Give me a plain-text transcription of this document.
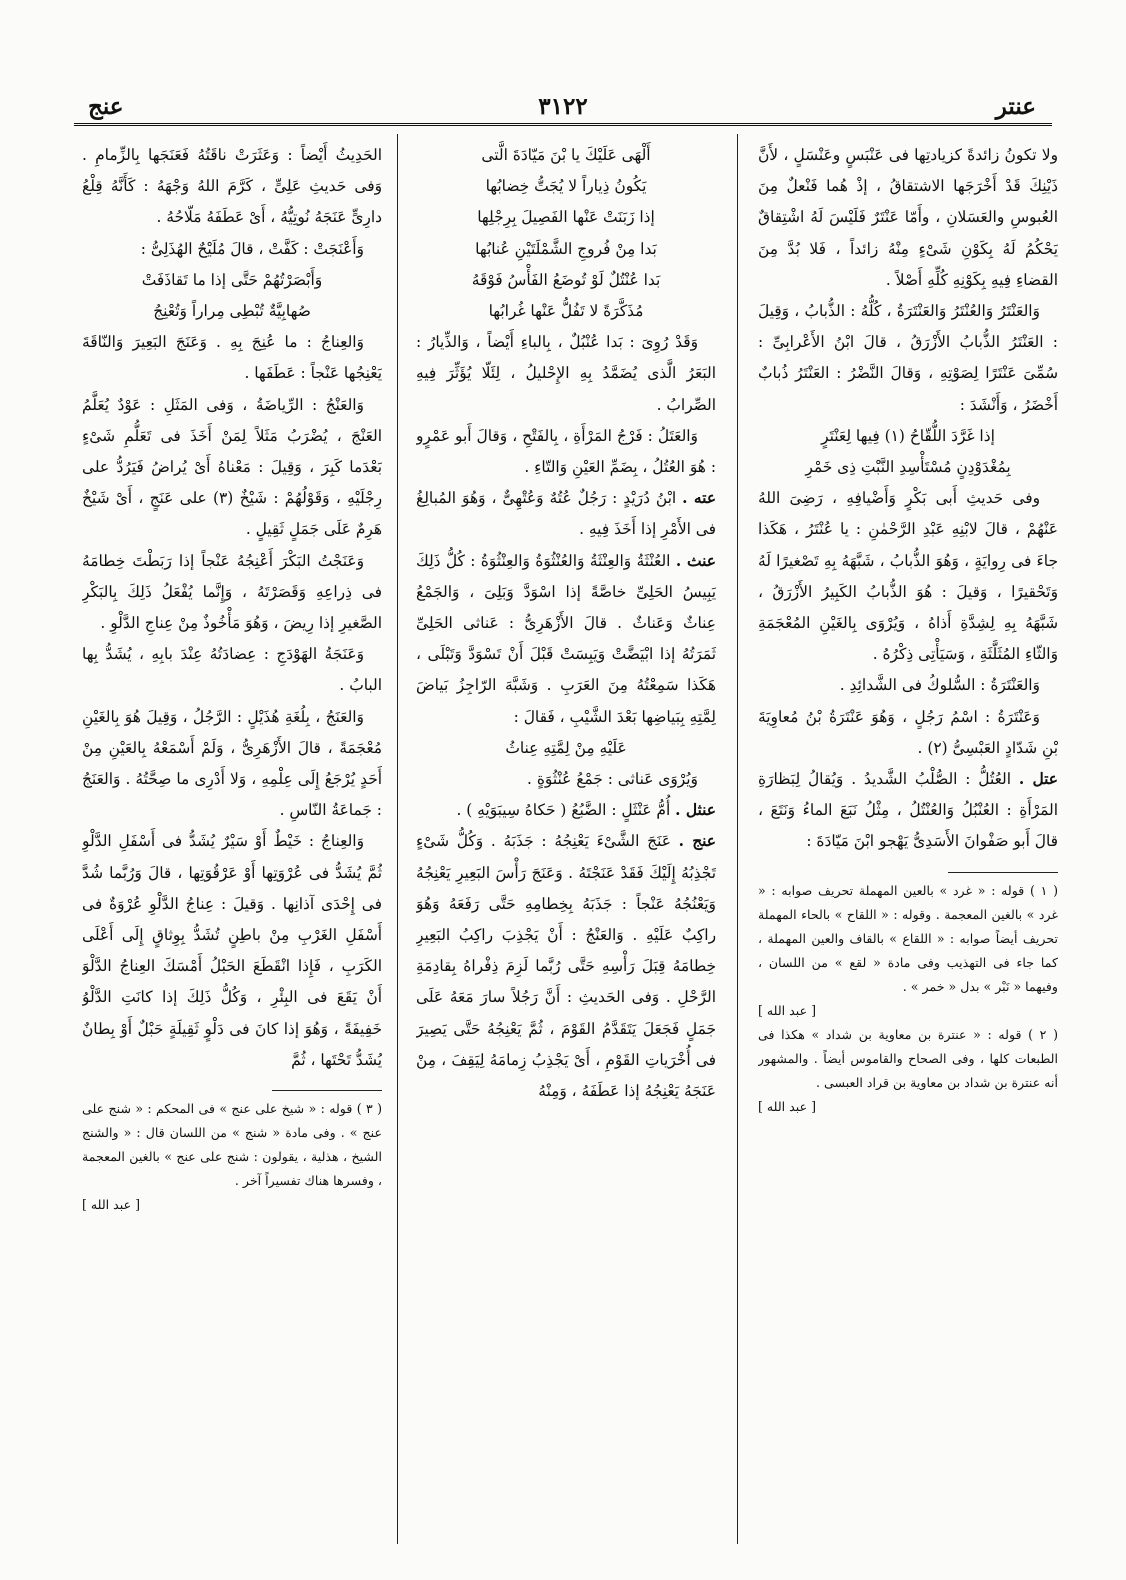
عنتر
٣١٢٢
عنج

ولا تكونُ زائدةً كزيادتِها فى عَنْبَسٍ وعَنْسَلٍ ، لأَنَّ ذَيْنِكَ قَدْ أَخْرَجَها الاشتقاقُ ، إذْ هُما فَنْعلٌ مِنَ العُبوسِ والعَسَلانِ ، وأَمّا عَنْتَرٌ فَلَيْسَ لَهُ اشْتِقاقٌ يَحْكُمُ لَهُ بِكَوْنِ شَىْءٍ مِنْهُ زائداً ، فَلا بُدَّ مِنَ القضاءِ فِيهِ بِكَوْنِهِ كُلِّهِ أَصْلاً .

وَالعَنْتَرُ وَالعُنْتَرُ وَالعَنْتَرَةُ ، كُلُّهُ : الذُّبابُ ، وَقِيلَ : العَنْتَرُ الذُّبابُ الأَزْرَقُ ، قالَ ابْنُ الأَعْرابِىِّ : سُمِّىَ عَنْتَرًا لِصَوْتِهِ ، وَقالَ النَّضْرُ : العَنْتَرُ ذُبابٌ أَخْضَرُ ، وَأَنْشَدَ :

إذا غَرَّدَ اللُّقّاحُ (١) فِيها لِعَنْتَرٍ

بِمُغْدَوْدِنٍ مُسْتَأْسِدِ النَّبْتِ ذِى خَمْرِ

وفى حَديثِ أَبى بَكْرٍ وَأَضْيافِهِ ، رَضِىَ اللهُ عَنْهُمْ ، قالَ لابْنِهِ عَبْدِ الرَّحْمٰنِ : يا عُنْتَرُ ، هَكَذا جاءَ فى رِوايَةٍ ، وَهُوَ الذُّبابُ ، شَبَّهَهُ بِهِ تَصْغيرًا لَهُ وَتَحْقيرًا ، وَقيلَ : هُوَ الذُّبابُ الكَبِيرُ الأَزْرَقُ ، شَبَّهَهُ بِهِ لِشِدَّةِ أَذاهُ ، وَيُرْوَى بِالغَيْنِ المُعْجَمَةِ وَالثّاءِ المُثَلَّثَةِ ، وَسَيَأْتِى ذِكْرُهُ .

وَالعَنْتَرَةُ : السُّلوكُ فى الشَّدائِدِ .

وَعَنْتَرَةُ : اسْمُ رَجُلٍ ، وَهُوَ عَنْتَرَةُ بْنُ مُعاوِيَةَ بْنِ شَدّادٍ العَبْسِىُّ (٢) .

عتل . العُتُلُّ : الصُّلْبُ الشَّديدُ . وَيُقالُ لِبَظارَةِ المَرْأَةِ : العُنْبُلُ وَالعُنْتُلُ ، مِثْلُ نَبَعَ الماءُ وَنَتَعَ ، قالَ أَبو صَفْوانَ الأَسَدِىُّ يَهْجو ابْنَ مَيّادَةَ :

( ١ ) قوله : « غرد » بالعين المهملة تحريف صوابه : « غرد » بالغين المعجمة . وقوله : « اللقاح » بالحاء المهملة تحريف أيضاً صوابه : « اللقاع » بالقاف والعين المهملة ، كما جاء فى التهذيب وفى مادة « لقع » من اللسان ، وفيهما « نَبْر » بدل « خمر » .

[ عبد الله ]

( ٢ ) قوله : « عنترة بن معاوية بن شداد » هكذا فى الطبعات كلها ، وفى الصحاح والقاموس أيضاً . والمشهور أنه عنترة بن شداد بن معاوية بن قراد العبسى .

[ عبد الله ]

أَلْهَى عَلَيْكَ يا بْنَ مَيّادَةَ الَّتى

يَكُونُ ذِياراً لا يُجَتُّ خِضابُها

إذا زَبَنَتْ عَنْها الفَصِيلَ بِرِجْلِها

بَدا مِنْ فُروجِ الشَّمْلَتَيْنِ عُنابُها

بَدا عُنْتُلٌ لَوْ تُوضَعُ الفَأْسُ فَوْقَهُ

مُذَكَّرَةً لا تَفُلُّ عَنْها غُرابُها

وَقَدْ رُوِىَ : بَدا عُنْبُلٌ ، بِالباءِ أَيْضاً ، وَالذِّيارُ : البَعَرُ الَّذى يُضَمَّدُ بِهِ الإِحْليلُ ، لِئَلّا يُؤَثِّرَ فِيهِ الصِّرابُ .

وَالعَتَلُ : فَرْجُ المَرْأَةِ ، بِالفَتْحِ ، وَقالَ أَبو عَمْرٍو : هُوَ العُتُلُ ، بِضَمِّ العَيْنِ وَالتّاءِ .

عته . ابْنُ دُرَيْدٍ : رَجُلٌ عُتُهٌ وَعُتْهِىٌّ ، وَهُوَ المُبالِغُ فى الأَمْرِ إذا أَخَذَ فِيهِ .

عنث . العُنْثَةُ وَالعِنْثَةُ وَالعُنْثُوَةُ وَالعِنْثُوَةُ : كُلُّ ذَلِكَ يَبِيسُ الحَلِىِّ خاصَّةً إذا اسْوَدَّ وَبَلِىَ ، وَالجَمْعُ عِناثٌ وَعَناثٌ . قالَ الأَزْهَرِىُّ : عَناثى الحَلِىِّ ثَمَرَتُهُ إذا ابْيَضَّتْ وَيَبِسَتْ قَبْلَ أَنْ تَسْوَدَّ وَتَبْلَى ، هَكَذا سَمِعْتُهُ مِنَ العَرَبِ . وَشَبَّهَ الرّاجِزُ بَياضَ لِمَّتِهِ بِبَياضِها بَعْدَ الشَّيْبِ ، فَقالَ :

عَلَيْهِ مِنْ لِمَّتِهِ عِناثُ

وَيُرْوَى عَناثى : جَمْعُ عُنْثُوَةٍ .

عنثل . أُمُّ عَنْثَلٍ : الضَّبُعُ ( حَكاهُ سِيبَوَيْهِ ) .

عنج . عَنَجَ الشَّىْءَ يَعْنِجُهُ : جَذَبَهُ . وَكُلُّ شَىْءٍ تَجْذِبُهُ إِلَيْكَ فَقَدْ عَنَجْتَهُ . وَعَنَجَ رَأْسَ البَعِيرِ يَعْنِجُهُ وَيَعْنُجُهُ عَنْجاً : جَذَبَهُ بِخِطامِهِ حَتَّى رَفَعَهُ وَهُوَ راكِبٌ عَلَيْهِ . وَالعَنْجُ : أَنْ يَجْذِبَ راكِبُ البَعِيرِ خِطامَهُ قِبَلَ رَأْسِهِ حَتَّى رُبَّما لَزِمَ ذِفْراهُ بِقادِمَةِ الرَّحْلِ . وَفى الحَديثِ : أَنَّ رَجُلاً سارَ مَعَهُ عَلَى جَمَلٍ فَجَعَلَ يَتَقَدَّمُ القَوْمَ ، ثُمَّ يَعْنِجُهُ حَتَّى يَصِيرَ فى أُخْرَياتِ القَوْمِ ، أَىْ يَجْذِبُ زِمامَهُ لِيَقِفَ ، مِنْ عَنَجَهُ يَعْنِجُهُ إذا عَطَفَهُ ، وَمِنْهُ

الحَدِيثُ أَيْضاً : وَعَثَرَتْ ناقَتُهُ فَعَنَجَها بِالزِّمامِ . وَفى حَديثِ عَلِىٍّ ، كَرَّمَ اللهُ وَجْهَهُ : كَأَنَّهُ قِلْعُ دارِىٍّ عَنَجَهُ نُوتِيُّهُ ، أَىْ عَطَفَهُ مَلّاحُهُ .

وَأَعْنَجَتْ : كَفَّتْ ، قالَ مُلَيْحٌ الهُذَلِىُّ :

وَأَبْصَرْتُهُمْ حَتَّى إذا ما تَقاذَفَتْ

صُهابِيَّةٌ تُبْطِى مِراراً وَتُعْنِجُ

وَالعِناجُ : ما عُنِجَ بِهِ . وَعَنَجَ البَعِيرَ وَالنّاقَةَ يَعْنِجُها عَنْجاً : عَطَفَها .

وَالعَنْجُ : الرِّياضَةُ ، وَفى المَثَلِ : عَوْدٌ يُعَلَّمُ العَنْجَ ، يُضْرَبُ مَثَلاً لِمَنْ أَخَذَ فى تَعَلُّمِ شَىْءٍ بَعْدَما كَبِرَ ، وَقِيلَ : مَعْناهُ أَىْ يُراضُ فَيَرُدُّ على رِجْلَيْهِ ، وَقَوْلُهُمْ : شَيْخٌ (٣) على عَنَجٍ ، أَىْ شَيْخٌ هَرِمٌ عَلَى جَمَلٍ ثَقِيلٍ .

وَعَنَجْتُ البَكْرَ أَعْنِجُهُ عَنْجاً إذا رَبَطْتَ خِطامَهُ فى ذِراعِهِ وَقَصَرْتَهُ ، وَإِنَّما يُفْعَلُ ذَلِكَ بِالبَكْرِ الصَّغيرِ إذا رِيضَ ، وَهُوَ مَأْخُوذٌ مِنْ عِناجِ الدَّلْوِ .

وَعَنَجَةُ الهَوْدَجِ : عِضادَتُهُ عِنْدَ بابِهِ ، يُشَدُّ بِها البابُ .

وَالعَنَجُ ، بِلُغَةِ هُذَيْلٍ : الرَّجُلُ ، وَقِيلَ هُوَ بِالغَيْنِ مُعْجَمَةً ، قالَ الأَزْهَرِىُّ ، وَلَمْ أَسْمَعْهُ بِالعَيْنِ مِنْ أَحَدٍ يُرْجَعُ إِلَى عِلْمِهِ ، وَلا أَدْرِى ما صِحَّتُهُ . وَالعَنَجُ : جَماعَةُ النّاسِ .

وَالعِناجُ : خَيْطٌ أَوْ سَيْرٌ يُشَدُّ فى أَسْفَلِ الدَّلْوِ ثُمَّ يُشَدُّ فى عُرْوَتِها أَوْ عَرْقُوَتِها ، قالَ وَرُبَّما شُدَّ فى إِحْدَى آذانِها . وَقيلَ : عِناجُ الدَّلْوِ عُرْوَةٌ فى أَسْفَلِ الغَرْبِ مِنْ باطِنٍ تُشَدُّ بِوِثاقٍ إِلَى أَعْلَى الكَرَبِ ، فَإِذا انْقَطَعَ الحَبْلُ أَمْسَكَ العِناجُ الدَّلْوَ أَنْ يَقَعَ فى البِئْرِ ، وَكُلُّ ذَلِكَ إذا كانَتِ الدَّلْوُ خَفِيفَةً ، وَهُوَ إذا كانَ فى دَلْوٍ ثَقِيلَةٍ حَبْلٌ أَوْ بِطانٌ يُشَدُّ تَحْتَها ، ثُمَّ

( ٣ ) قوله : « شيخ على عنج » فى المحكم : « شنج على عنج » . وفى مادة « شنج » من اللسان قال : « والشنج الشيخ ، هذلية ، يقولون : شنج على عنج » بالغين المعجمة ، وفسرها هناك تفسيراً آخر .

[ عبد الله ]
